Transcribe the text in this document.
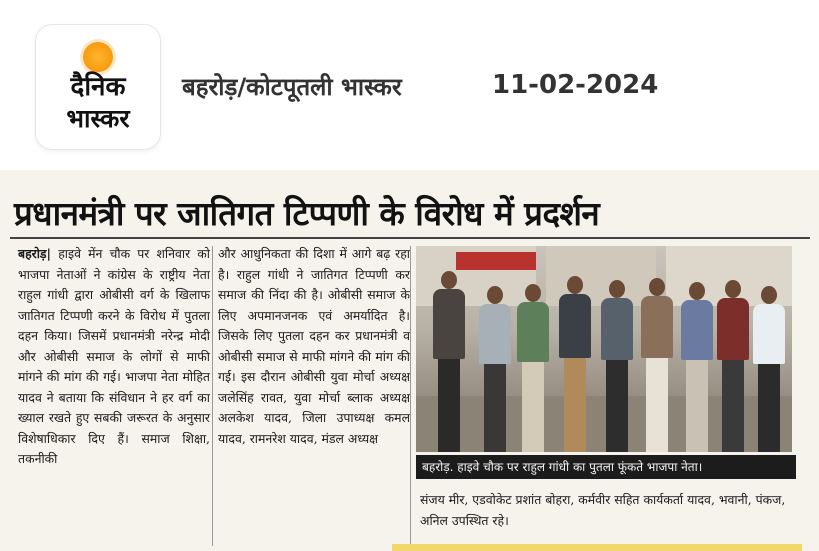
दैनिक
भास्कर
बहरोड़/कोटपूतली भास्कर	11-02-2024
प्रधानमंत्री पर जातिगत टिप्पणी के विरोध में प्रदर्शन

बहरोड़| हाइवे मेंन चौक पर शनिवार को भाजपा नेताओं ने कांग्रेस के राष्ट्रीय नेता राहुल गांधी द्वारा ओबीसी वर्ग के खिलाफ जातिगत टिप्पणी करने के विरोध में पुतला दहन किया। जिसमें प्रधानमंत्री नरेन्द्र मोदी और ओबीसी समाज के लोगों से माफी मांगने की मांग की गई। भाजपा नेता मोहित यादव ने बताया कि संविधान ने हर वर्ग का ख्याल रखते हुए सबकी जरूरत के अनुसार विशेषाधिकार दिए हैं। समाज शिक्षा, तकनीकी

और आधुनिकता की दिशा में आगे बढ़ रहा है। राहुल गांधी ने जातिगत टिप्पणी कर समाज की निंदा की है। ओबीसी समाज के लिए अपमानजनक एवं अमर्यादित है। जिसके लिए पुतला दहन कर प्रधानमंत्री व ओबीसी समाज से माफी मांगने की मांग की गई। इस दौरान ओबीसी युवा मोर्चा अध्यक्ष जलेसिंह रावत, युवा मोर्चा ब्लाक अध्यक्ष अलकेश यादव, जिला उपाध्यक्ष कमल यादव, रामनरेश यादव, मंडल अध्यक्ष

बहरोड़. हाइवे चौक पर राहुल गांधी का पुतला फूंकते भाजपा नेता।
संजय मीर, एडवोकेट प्रशांत बोहरा, कर्मवीर सहित कार्यकर्ता यादव, भवानी, पंकज, अनिल उपस्थित रहे।
